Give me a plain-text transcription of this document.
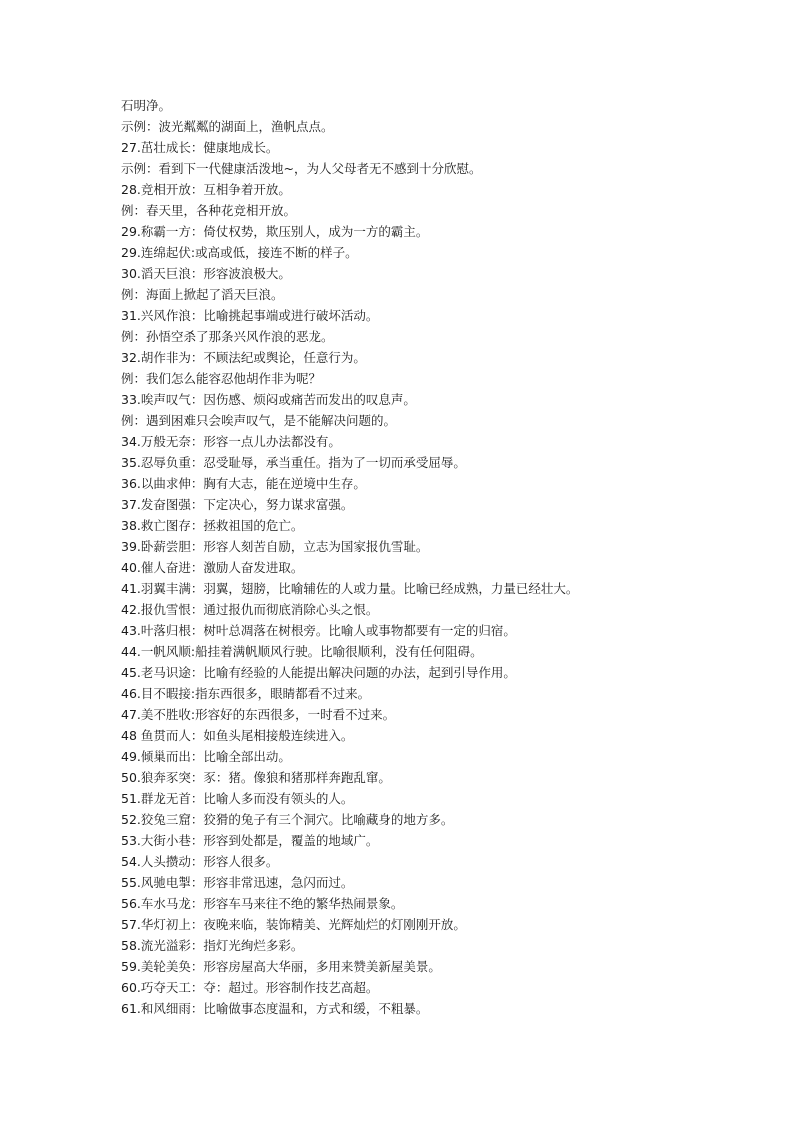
石明净。

示例：波光粼粼的湖面上，渔帆点点。

27.茁壮成长：健康地成长。

示例：看到下一代健康活泼地~，为人父母者无不感到十分欣慰。

28.竞相开放：互相争着开放。

例：春天里，各种花竞相开放。

29.称霸一方：倚仗权势，欺压别人，成为一方的霸主。

29.连绵起伏:或高或低，接连不断的样子。

30.滔天巨浪：形容波浪极大。

例：海面上掀起了滔天巨浪。

31.兴风作浪：比喻挑起事端或进行破坏活动。

例：孙悟空杀了那条兴风作浪的恶龙。

32.胡作非为：不顾法纪或舆论，任意行为。

例：我们怎么能容忍他胡作非为呢？

33.唉声叹气：因伤感、烦闷或痛苦而发出的叹息声。

例：遇到困难只会唉声叹气，是不能解决问题的。

34.万般无奈：形容一点儿办法都没有。

35.忍辱负重：忍受耻辱，承当重任。指为了一切而承受屈辱。

36.以曲求伸：胸有大志，能在逆境中生存。

37.发奋图强：下定决心，努力谋求富强。

38.救亡图存：拯救祖国的危亡。

39.卧薪尝胆：形容人刻苦自励，立志为国家报仇雪耻。

40.催人奋进：激励人奋发进取。

41.羽翼丰满：羽翼，翅膀，比喻辅佐的人或力量。比喻已经成熟，力量已经壮大。

42.报仇雪恨：通过报仇而彻底消除心头之恨。

43.叶落归根：树叶总凋落在树根旁。比喻人或事物都要有一定的归宿。

44.一帆风顺:船挂着满帆顺风行驶。比喻很顺利，没有任何阻碍。

45.老马识途：比喻有经验的人能提出解决问题的办法，起到引导作用。

46.目不暇接:指东西很多，眼睛都看不过来。

47.美不胜收:形容好的东西很多，一时看不过来。

48 鱼贯而人：如鱼头尾相接般连续进入。

49.倾巢而出：比喻全部出动。

50.狼奔豕突：豕：猪。像狼和猪那样奔跑乱窜。

51.群龙无首：比喻人多而没有领头的人。

52.狡兔三窟：狡猾的兔子有三个洞穴。比喻藏身的地方多。

53.大街小巷：形容到处都是，覆盖的地域广。

54.人头攒动：形容人很多。

55.风驰电掣：形容非常迅速，急闪而过。

56.车水马龙：形容车马来往不绝的繁华热闹景象。

57.华灯初上：夜晚来临，装饰精美、光辉灿烂的灯刚刚开放。

58.流光溢彩：指灯光绚烂多彩。

59.美轮美奂：形容房屋高大华丽，多用来赞美新屋美景。

60.巧夺天工：夺：超过。形容制作技艺高超。

61.和风细雨：比喻做事态度温和，方式和缓，不粗暴。
